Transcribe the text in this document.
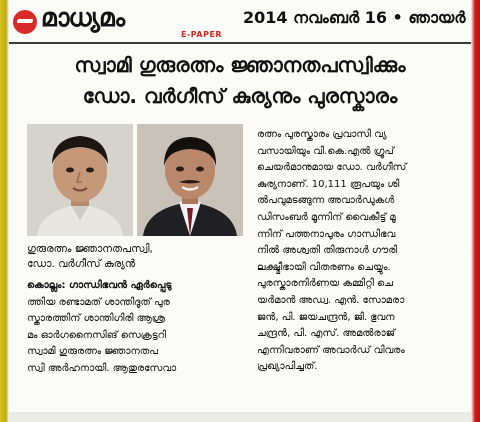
മാധ്യമം
E-PAPER
2014 നവംബർ 16 • ഞായർ
സ്വാമി ഗുരുരത്നം ജ്ഞാനതപസ്വിക്കും
ഡോ. വർഗീസ് കുര്യനും പുരസ്കാരം
ഗുരുരത്നം ജ്ഞാനതപസ്വി,
ഡോ. വർഗീസ് കുര്യൻ
കൊല്ലം: ഗാന്ധിഭവൻ ഏർപ്പെടു
ത്തിയ രണ്ടാമത് ശാന്തിദൂത് പുര
സ്കാരത്തിന് ശാന്തിഗിരി ആശ്ര
മം ഓർഗനൈസിങ് സെക്രട്ടറി
സ്വാമി ഗുരുരത്നം ജ്ഞാനതപ
സ്വി അർഹനായി. ആതുരസേവാ
രത്നം പുരസ്കാരം പ്രവാസി വ്യ
വസായിയും വി.കെ.എൽ ഗ്രൂപ്
ചെയർമാനുമായ ഡോ. വർഗീസ്
കുര്യനാണ്. 10,111 രൂപയും ശി
ൽപവുമടങ്ങുന്ന അവാർഡുകൾ
ഡിസംബർ മൂന്നിന് വൈകീട്ട് മൂ
ന്നിന് പത്തനാപുരം ഗാന്ധിഭവ
നിൽ അശ്വതി തിരുനാൾ ഗൗരി
ലക്ഷ്മീഭായി വിതരണം ചെയ്യും.
പുരസ്കാരനിർണയ കമ്മിറ്റി ചെ
യർമാൻ അഡ്വ. എൻ. സോമരാ
ജൻ, പി. ജയചന്ദ്രൻ, ജി. ഭുവന
ചന്ദ്രൻ, പി. എസ്. അമൽരാജ്
എന്നിവരാണ് അവാർഡ് വിവരം
പ്രഖ്യാപിച്ചത്.
